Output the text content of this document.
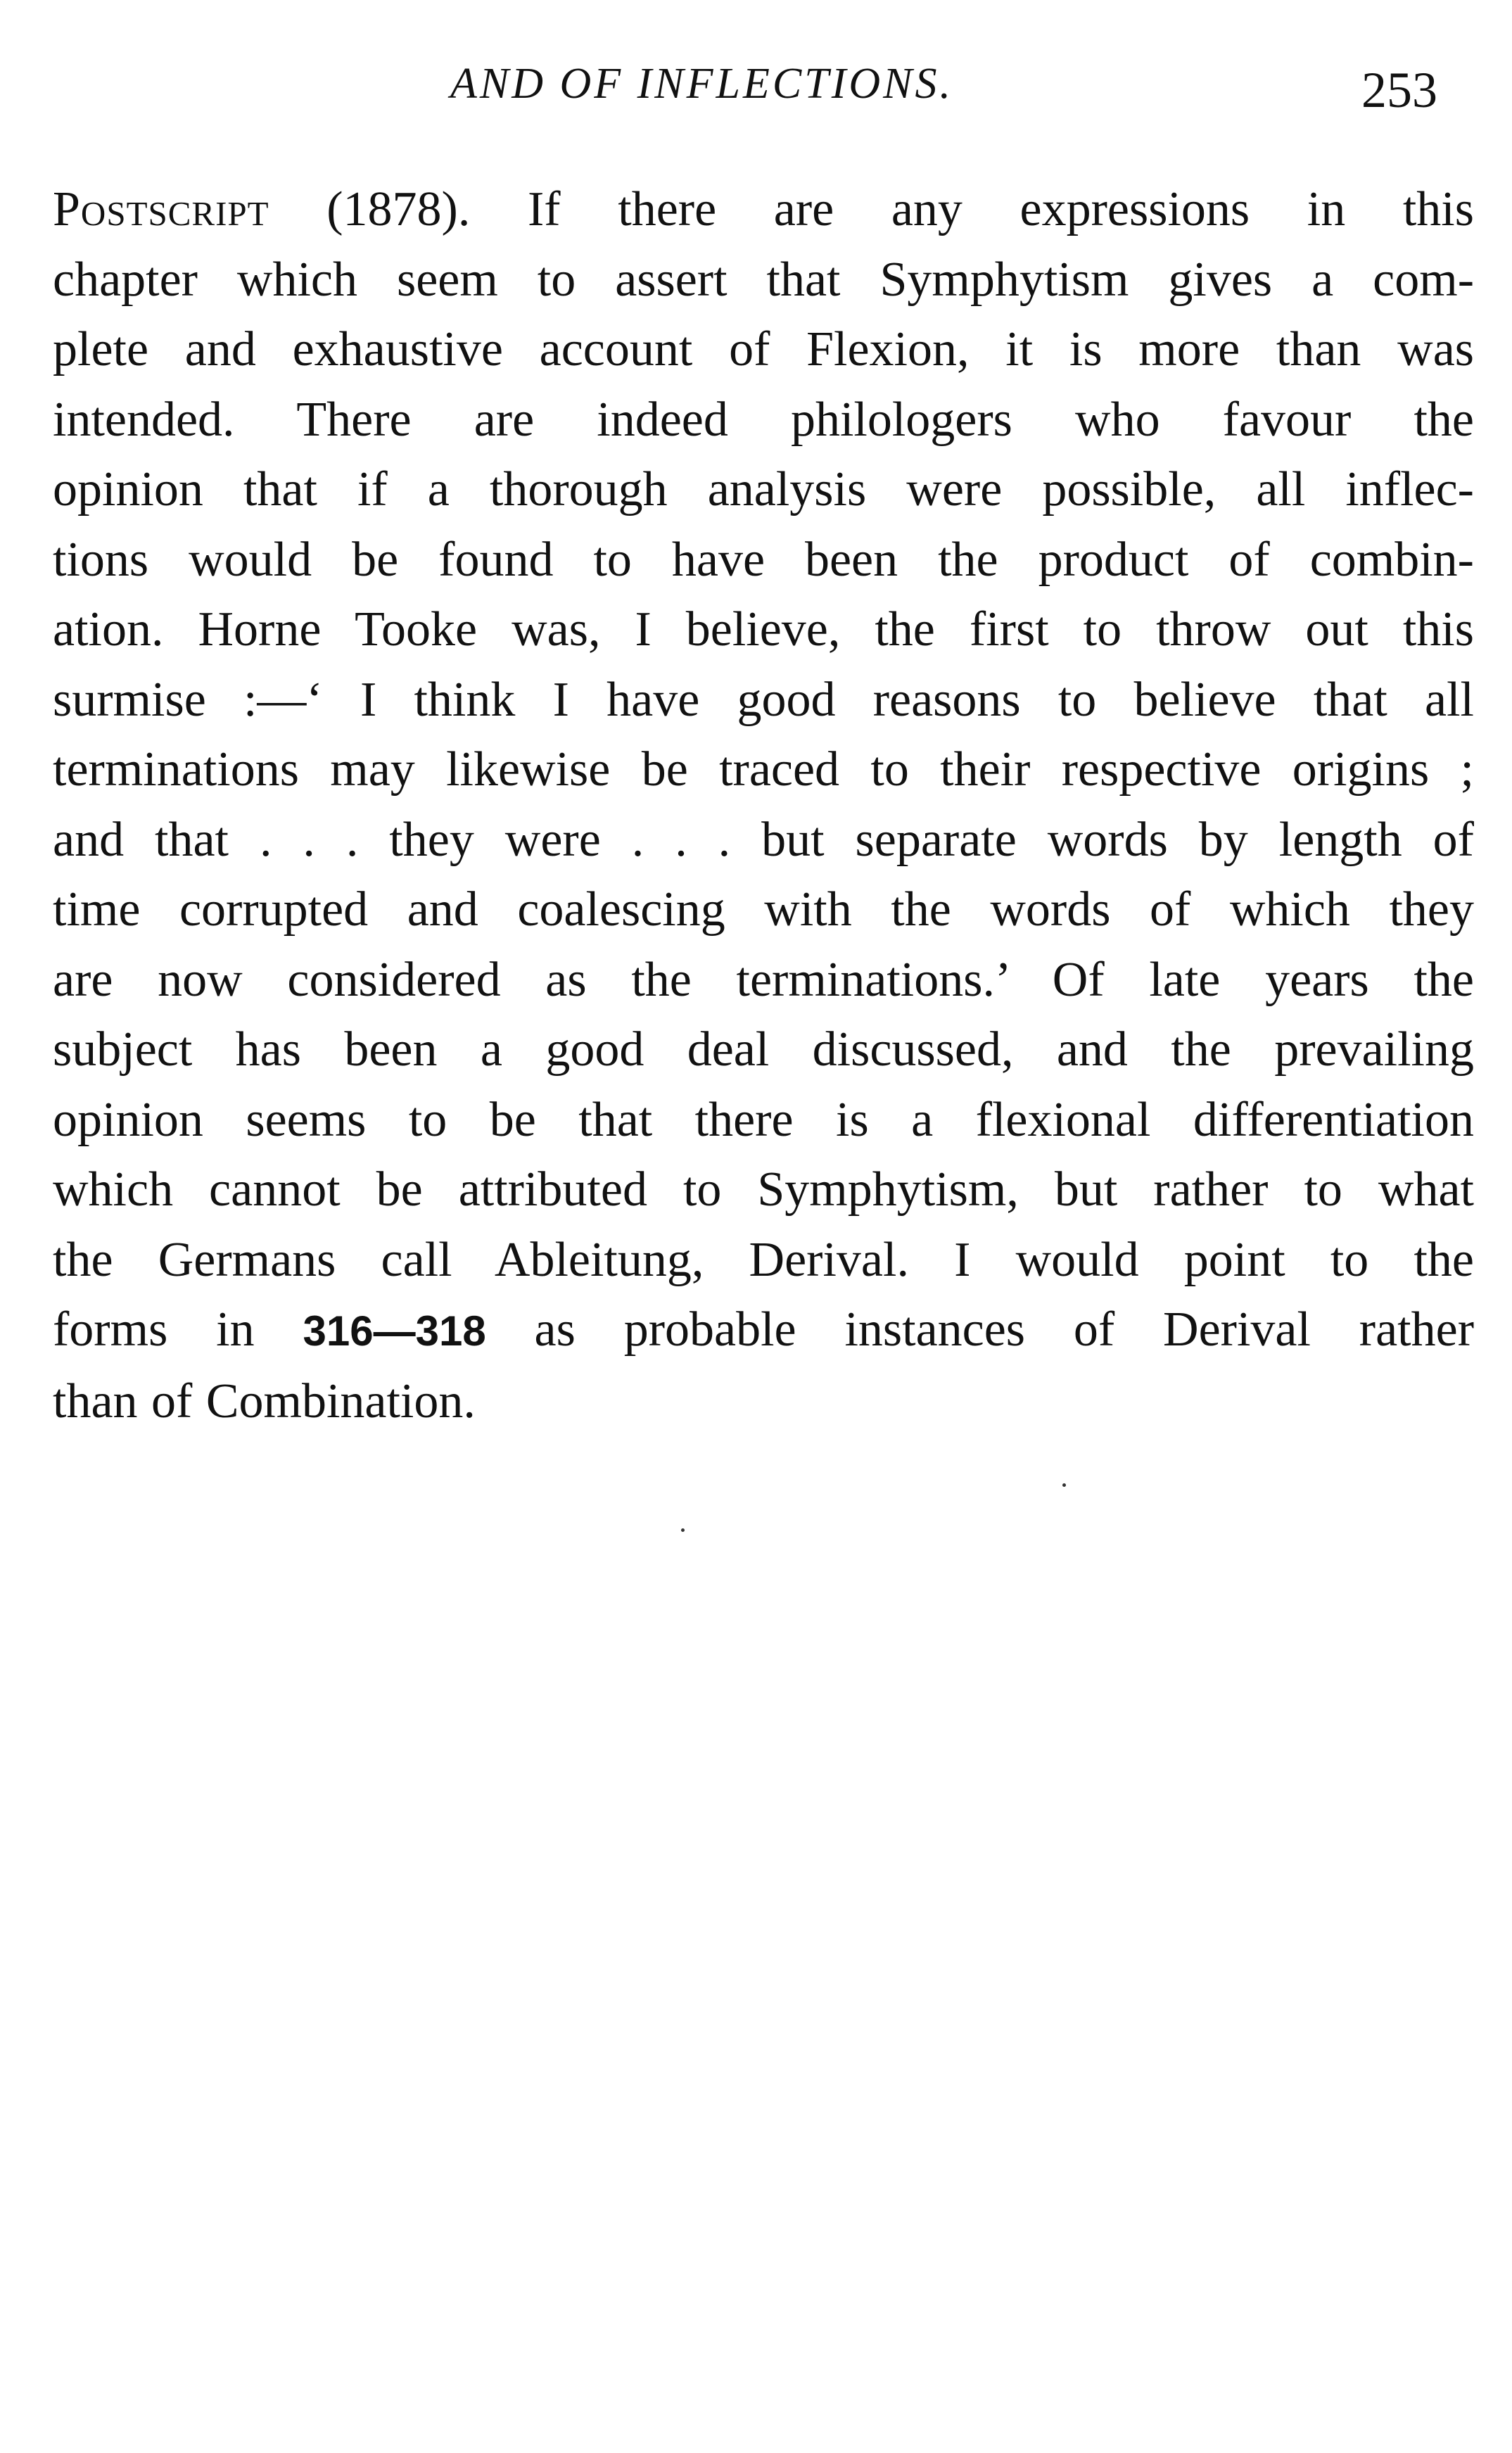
AND OF INFLECTIONS.	253
Postscript (1878). If there are any expressions in this
chapter which seem to assert that Symphytism gives a com-
plete and exhaustive account of Flexion, it is more than was
intended. There are indeed philologers who favour the
opinion that if a thorough analysis were possible, all inflec-
tions would be found to have been the product of combin-
ation. Horne Tooke was, I believe, the first to throw out this
surmise :—‘ I think I have good reasons to believe that all
terminations may likewise be traced to their respective origins ;
and that . . . they were . . . but separate words by length of
time corrupted and coalescing with the words of which they
are now considered as the terminations.’ Of late years the
subject has been a good deal discussed, and the prevailing
opinion seems to be that there is a flexional differentiation
which cannot be attributed to Symphytism, but rather to what
the Germans call Ableitung, Derival. I would point to the
forms in 316—318 as probable instances of Derival rather
than of Combination.
